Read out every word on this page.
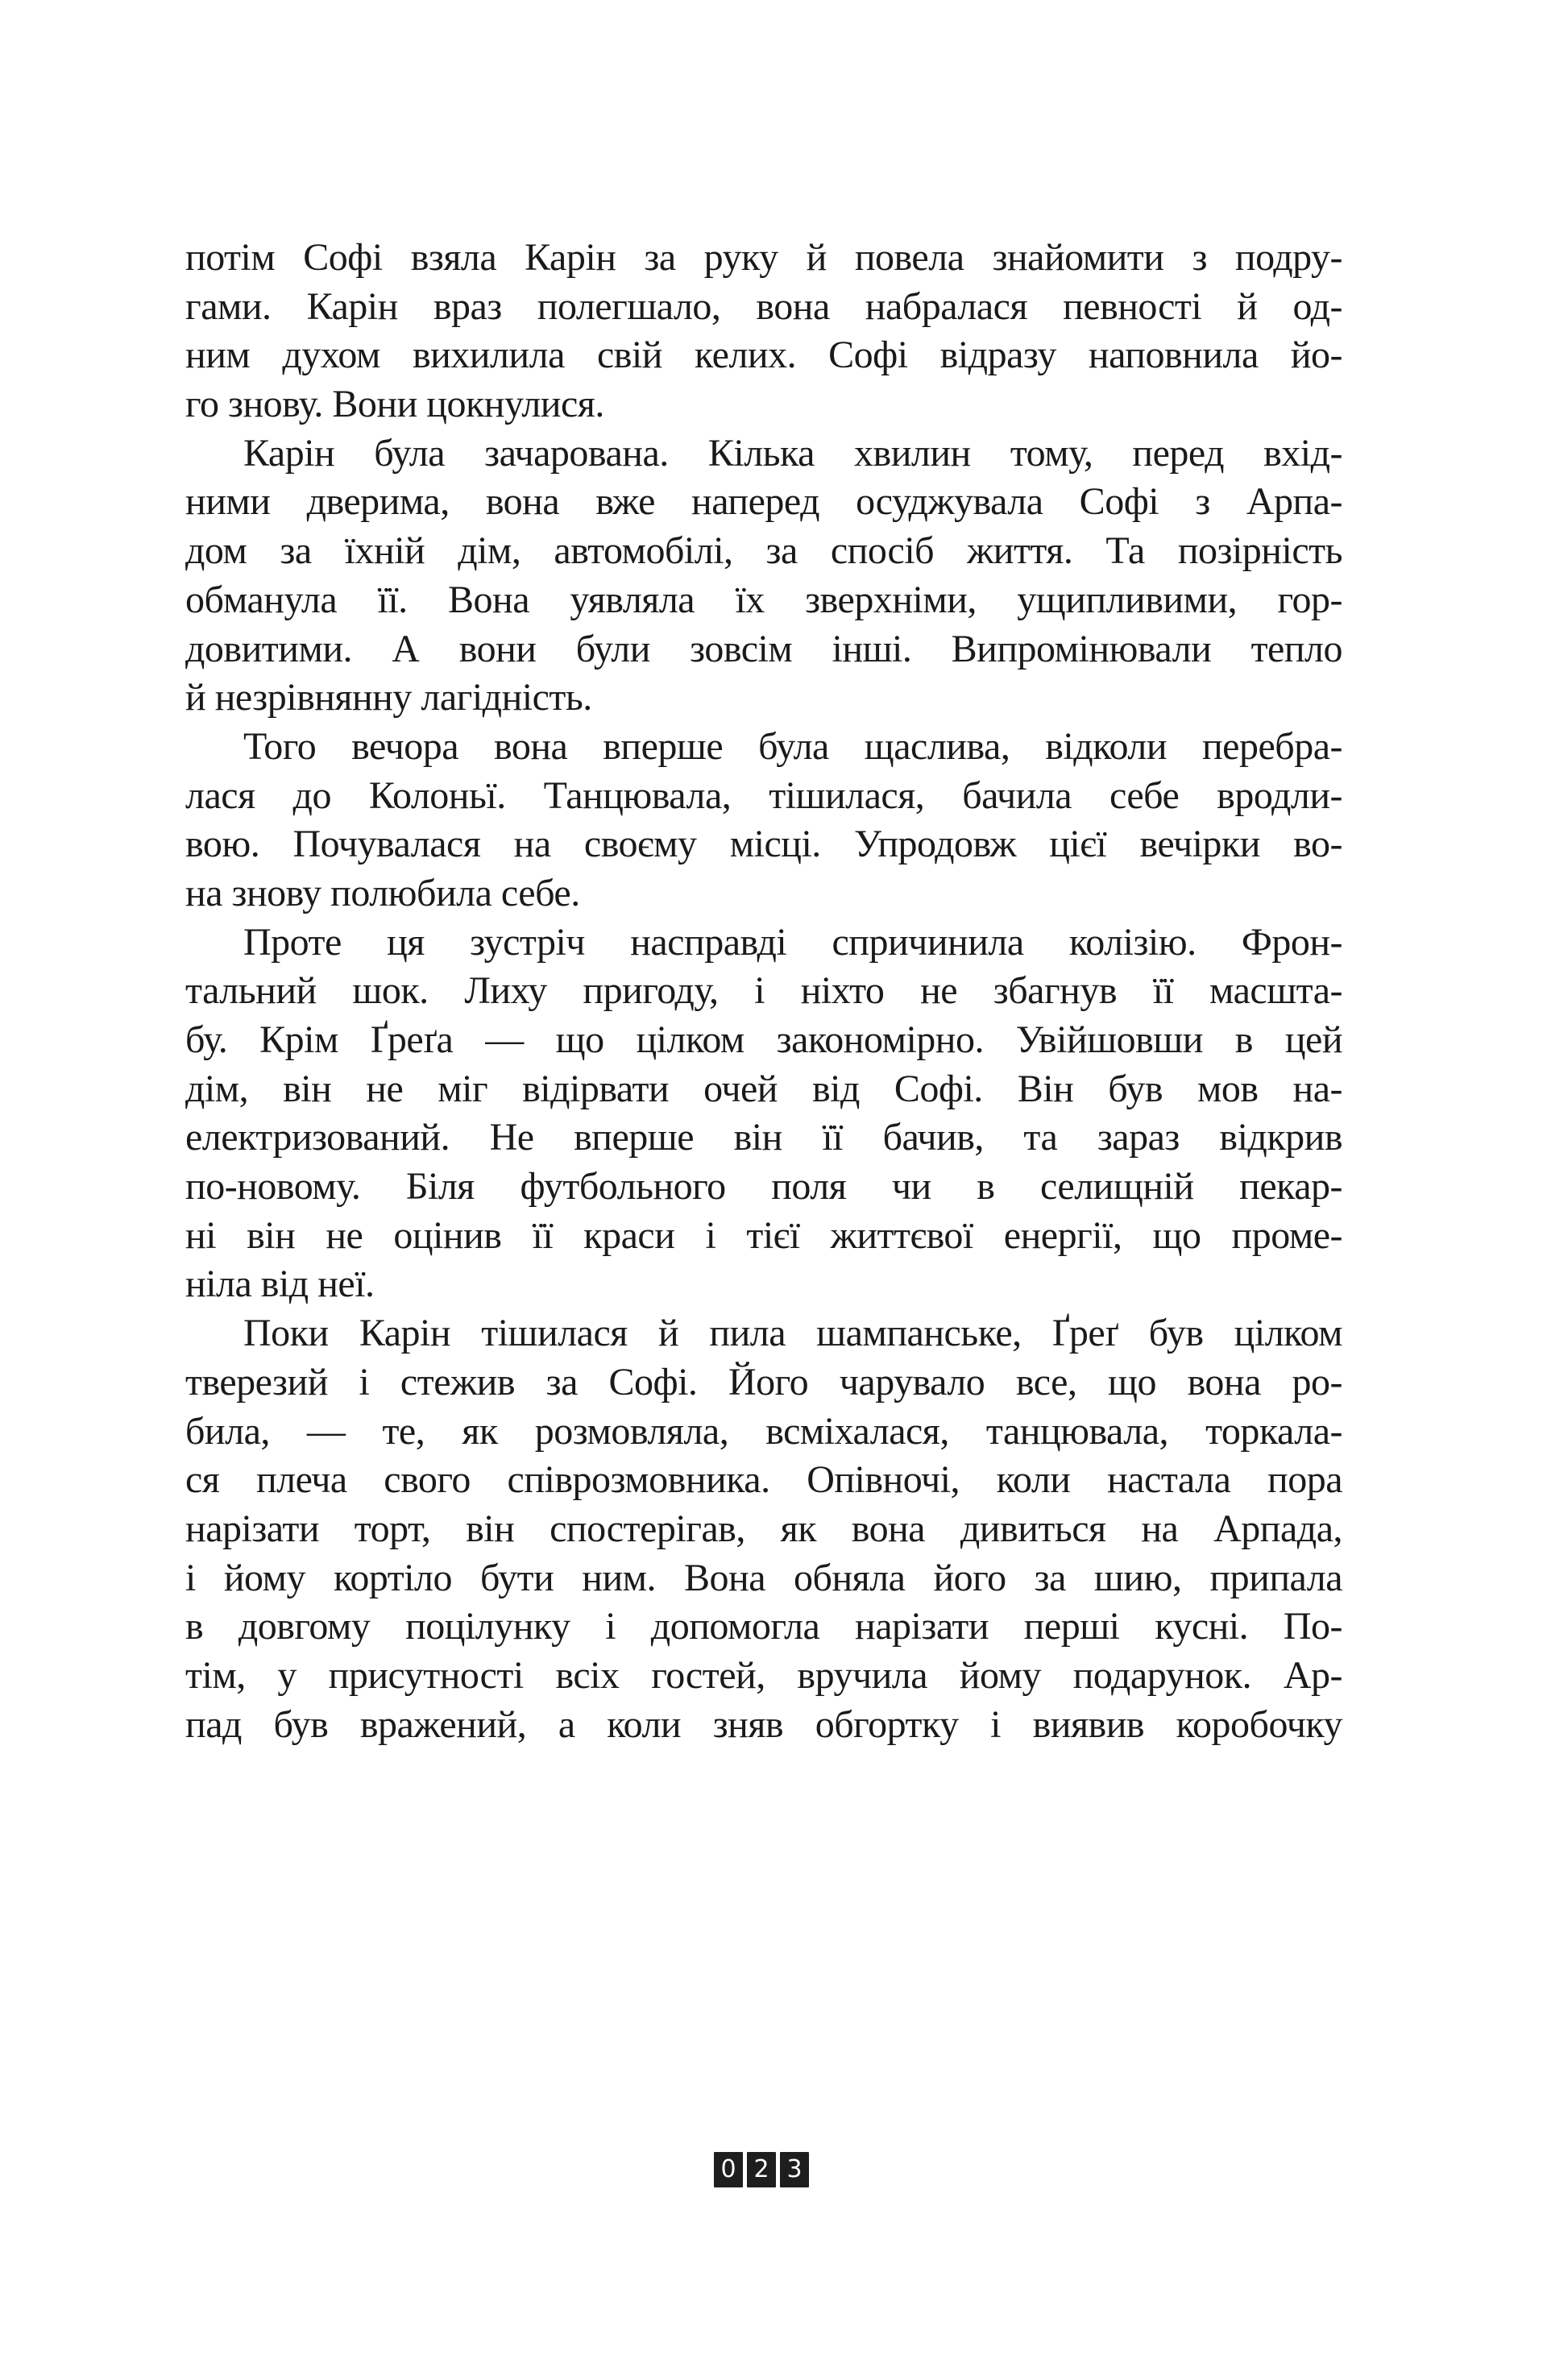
потім Софі взяла Карін за руку й повела знайомити з подру-
гами. Карін враз полегшало, вона набралася певності й од-
ним духом вихилила свій келих. Софі відразу наповнила йо-
го знову. Вони цокнулися.
Карін була зачарована. Кілька хвилин тому, перед вхід-
ними дверима, вона вже наперед осуджувала Софі з Арпа-
дом за їхній дім, автомобілі, за спосіб життя. Та позірність
обманула її. Вона уявляла їх зверхніми, ущипливими, гор-
довитими. А вони були зовсім інші. Випромінювали тепло
й незрівнянну лагідність.
Того вечора вона вперше була щаслива, відколи перебра-
лася до Колоньї. Танцювала, тішилася, бачила себе вродли-
вою. Почувалася на своєму місці. Упродовж цієї вечірки во-
на знову полюбила себе.
Проте ця зустріч насправді спричинила колізію. Фрон-
тальний шок. Лиху пригоду, і ніхто не збагнув її масшта-
бу. Крім Ґреґа — що цілком закономірно. Увійшовши в цей
дім, він не міг відірвати очей від Софі. Він був мов на-
електризований. Не вперше він її бачив, та зараз відкрив
по-новому. Біля футбольного поля чи в селищній пекар-
ні він не оцінив її краси і тієї життєвої енергії, що проме-
ніла від неї.
Поки Карін тішилася й пила шампанське, Ґреґ був цілком
тверезий і стежив за Софі. Його чарувало все, що вона ро-
била, — те, як розмовляла, всміхалася, танцювала, торкала-
ся плеча свого співрозмовника. Опівночі, коли настала пора
нарізати торт, він спостерігав, як вона дивиться на Арпада,
і йому кортіло бути ним. Вона обняла його за шию, припала
в довгому поцілунку і допомогла нарізати перші кусні. По-
тім, у присутності всіх гостей, вручила йому подарунок. Ар-
пад був вражений, а коли зняв обгортку і виявив коробочку
0 2 3
